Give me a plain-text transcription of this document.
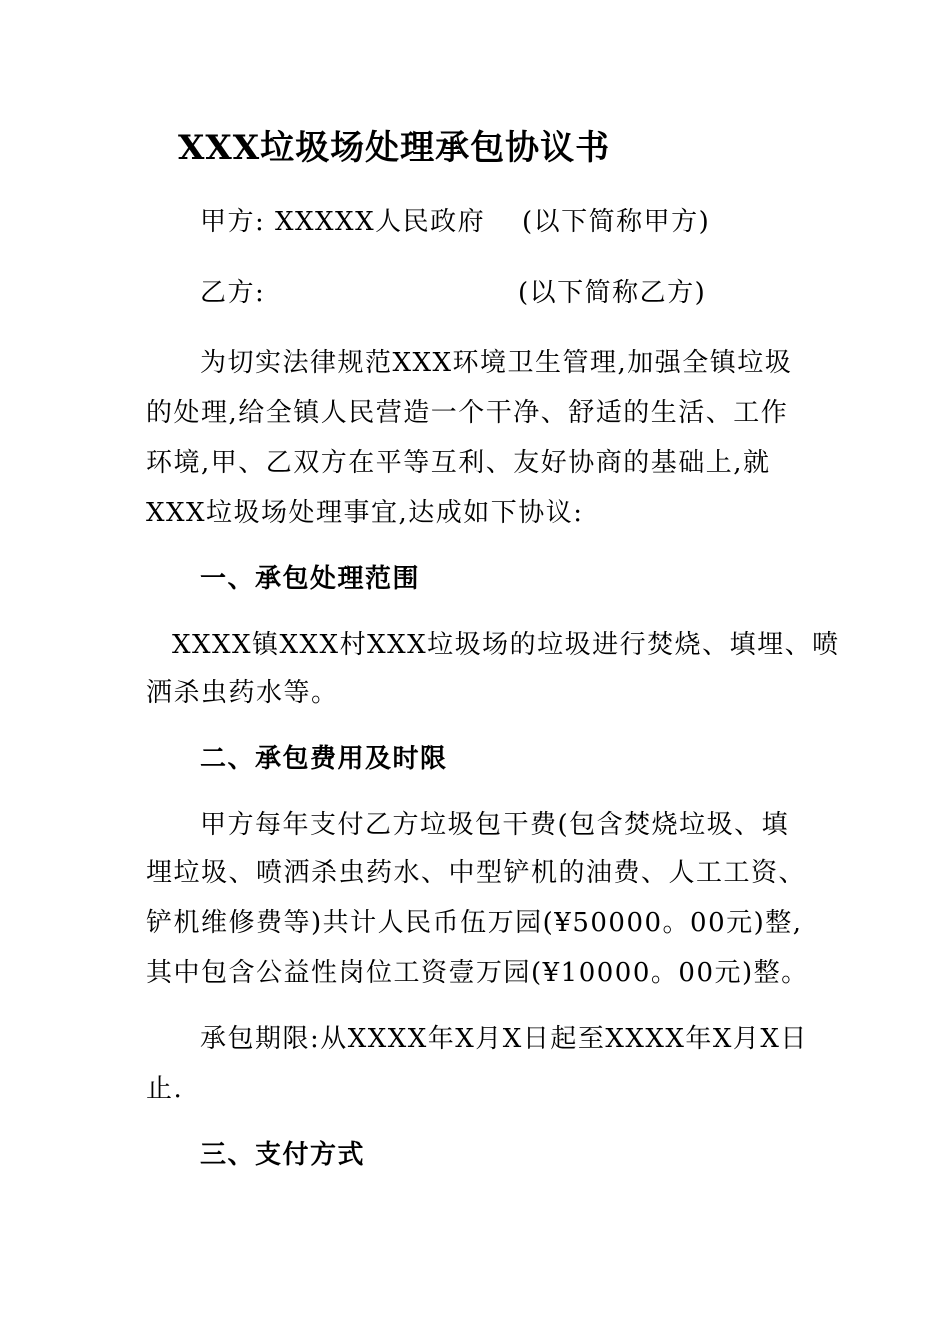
XXX垃圾场处理承包协议书
甲方: XXXXX人民政府 (以下简称甲方)
乙方:	(以下简称乙方)
为切实法律规范XXX环境卫生管理,加强全镇垃圾
的处理,给全镇人民营造一个干净、舒适的生活、工作
环境,甲、乙双方在平等互利、友好协商的基础上,就
XXX垃圾场处理事宜,达成如下协议:
一、承包处理范围
XXXX镇XXX村XXX垃圾场的垃圾进行焚烧、填埋、喷
洒杀虫药水等。
二、承包费用及时限
甲方每年支付乙方垃圾包干费(包含焚烧垃圾、填
埋垃圾、喷洒杀虫药水、中型铲机的油费、人工工资、
铲机维修费等)共计人民币伍万园(¥50000。00元)整,
其中包含公益性岗位工资壹万园(¥10000。00元)整。
承包期限:从XXXX年X月X日起至XXXX年X月X日
止.
三、支付方式
